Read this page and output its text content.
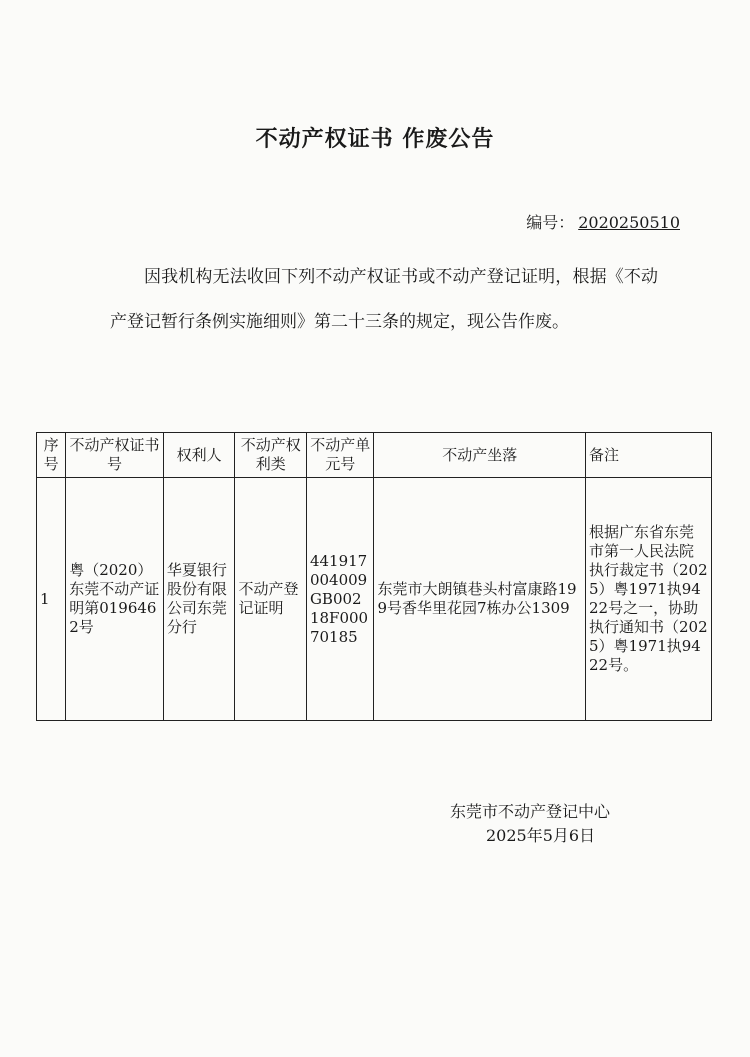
不动产权证书 作废公告
编号： 2020250510
因我机构无法收回下列不动产权证书或不动产登记证明，根据《不动产登记暂行条例实施细则》第二十三条的规定，现公告作废。
序号	不动产权证书号	权利人	不动产权利类	不动产单元号	不动产坐落	备注
1	粤（2020）东莞不动产证明第0196462号	华夏银行股份有限公司东莞分行	不动产登记证明	441917004009GB00218F00070185	东莞市大朗镇巷头村富康路199号香华里花园7栋办公1309	根据广东省东莞市第一人民法院执行裁定书（2025）粤1971执9422号之一，协助执行通知书（2025）粤1971执9422号。
东莞市不动产登记中心
2025年5月6日
